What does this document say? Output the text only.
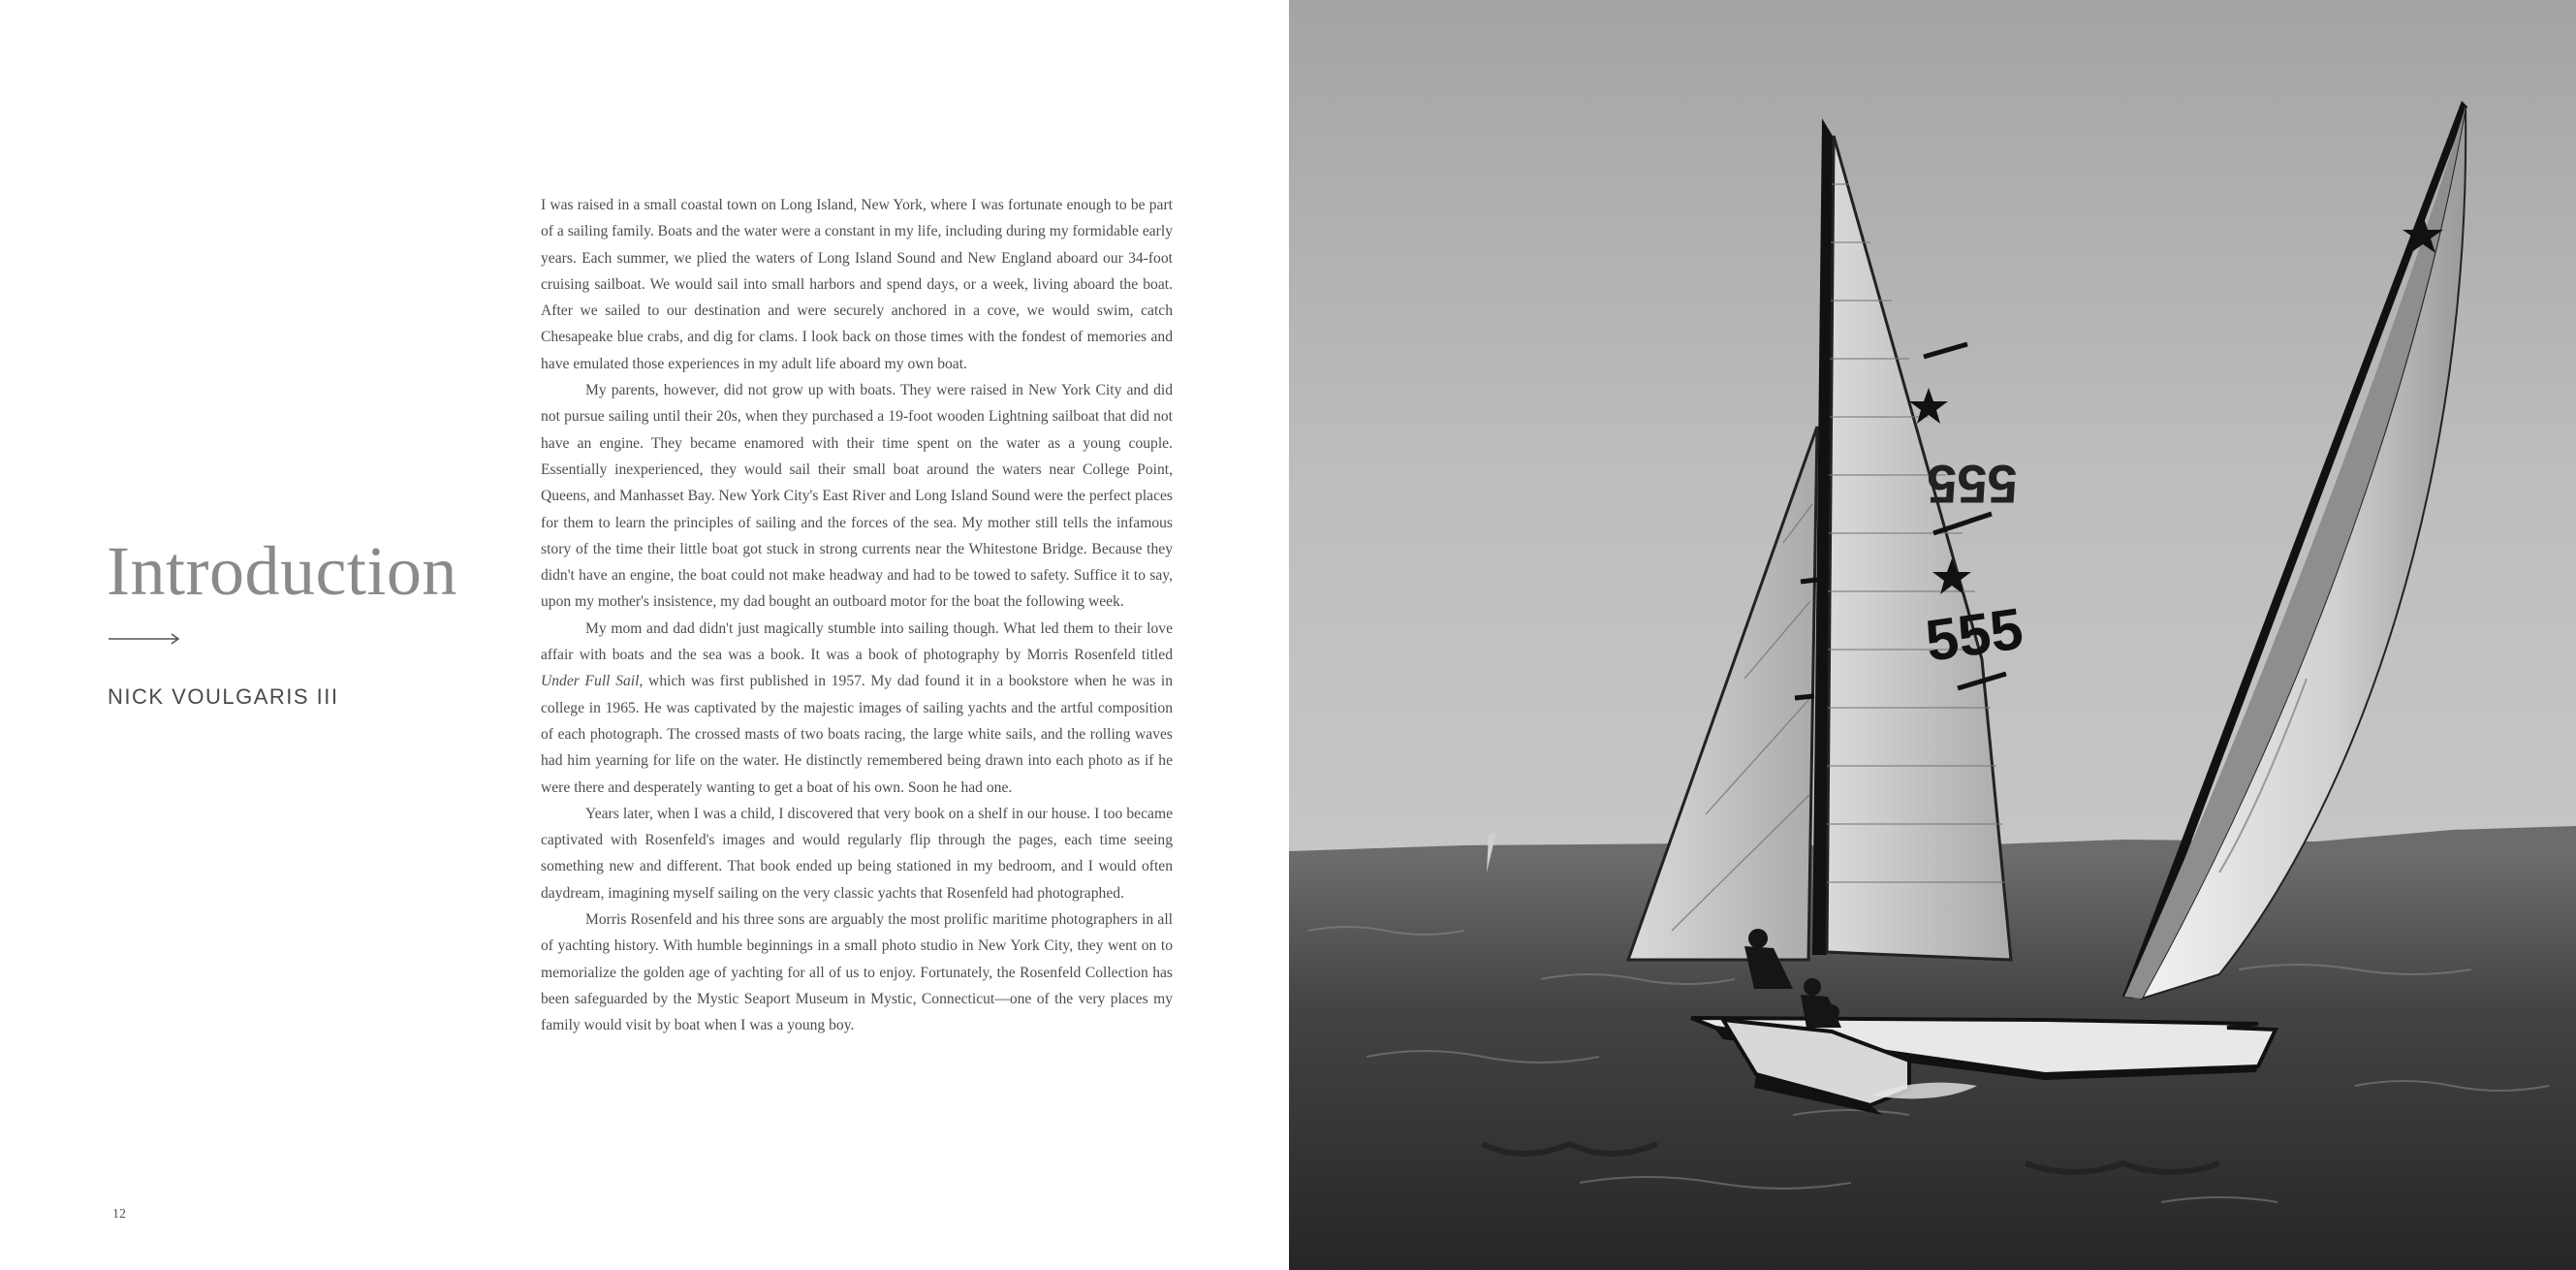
Introduction
NICK VOULGARIS III

I was raised in a small coastal town on Long Island, New York, where I was fortunate enough to be part of a sailing family. Boats and the water were a constant in my life, including during my formidable early years. Each summer, we plied the waters of Long Island Sound and New England aboard our 34-foot cruising sailboat. We would sail into small harbors and spend days, or a week, living aboard the boat. After we sailed to our destination and were securely anchored in a cove, we would swim, catch Chesapeake blue crabs, and dig for clams. I look back on those times with the fondest of memories and have emulated those experiences in my adult life aboard my own boat.

My parents, however, did not grow up with boats. They were raised in New York City and did not pursue sailing until their 20s, when they purchased a 19-foot wooden Lightning sailboat that did not have an engine. They became enamored with their time spent on the water as a young couple. Essentially inexperienced, they would sail their small boat around the waters near College Point, Queens, and Manhasset Bay. New York City's East River and Long Island Sound were the perfect places for them to learn the principles of sailing and the forces of the sea. My mother still tells the infamous story of the time their little boat got stuck in strong currents near the Whitestone Bridge. Because they didn't have an engine, the boat could not make headway and had to be towed to safety. Suffice it to say, upon my mother's insistence, my dad bought an outboard motor for the boat the following week.

My mom and dad didn't just magically stumble into sailing though. What led them to their love affair with boats and the sea was a book. It was a book of photography by Morris Rosenfeld titled Under Full Sail, which was first published in 1957. My dad found it in a bookstore when he was in college in 1965. He was captivated by the majestic images of sailing yachts and the artful composition of each photograph. The crossed masts of two boats racing, the large white sails, and the rolling waves had him yearning for life on the water. He distinctly remembered being drawn into each photo as if he were there and desperately wanting to get a boat of his own. Soon he had one.

Years later, when I was a child, I discovered that very book on a shelf in our house. I too became captivated with Rosenfeld's images and would regularly flip through the pages, each time seeing something new and different. That book ended up being stationed in my bedroom, and I would often daydream, imagining myself sailing on the very classic yachts that Rosenfeld had photographed.

Morris Rosenfeld and his three sons are arguably the most prolific maritime photographers in all of yachting history. With humble beginnings in a small photo studio in New York City, they went on to memorialize the golden age of yachting for all of us to enjoy. Fortunately, the Rosenfeld Collection has been safeguarded by the Mystic Seaport Museum in Mystic, Connecticut—one of the very places my family would visit by boat when I was a young boy.

12
555
555
